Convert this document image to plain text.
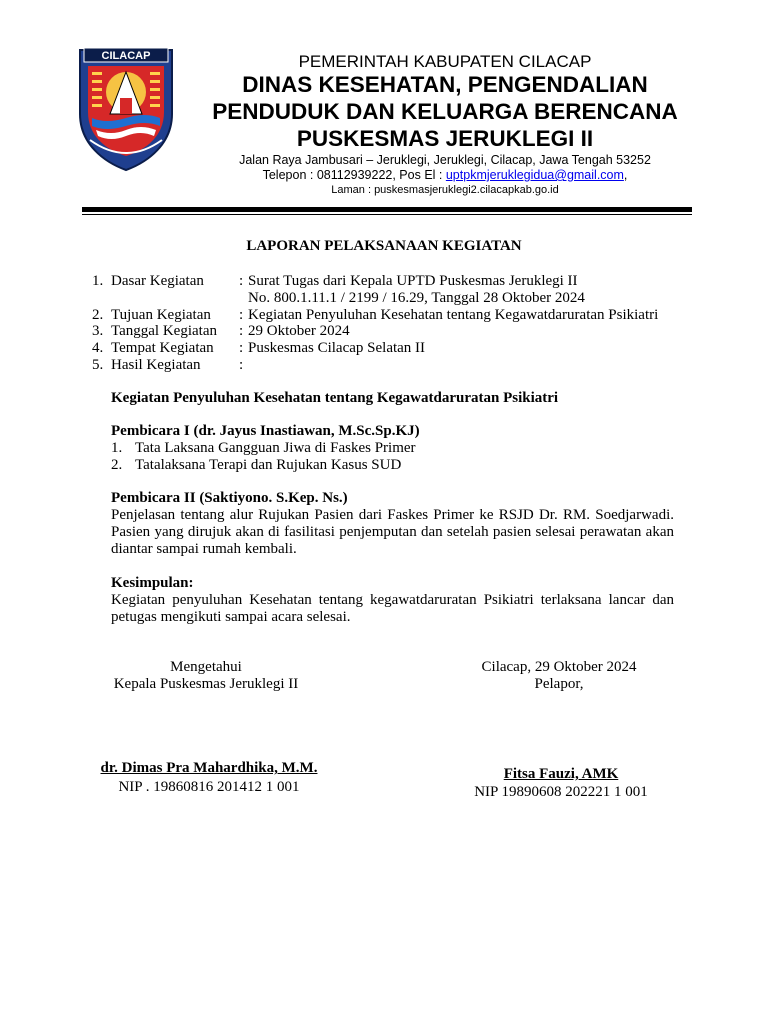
CILACAP	PEMERINTAH KABUPATEN CILACAP
DINAS KESEHATAN, PENGENDALIAN
PENDUDUK DAN KELUARGA BERENCANA
PUSKESMAS JERUKLEGI II
Jalan Raya Jambusari – Jeruklegi, Jeruklegi, Cilacap, Jawa Tengah 53252
Telepon : 08112939222, Pos El : uptpkmjeruklegidua@gmail.com,
Laman : puskesmasjeruklegi2.cilacapkab.go.id
LAPORAN PELAKSANAAN KEGIATAN
1. Dasar Kegiatan : Surat Tugas dari Kepala UPTD Puskesmas Jeruklegi II
No. 800.1.11.1 / 2199 / 16.29, Tanggal 28 Oktober 2024
2. Tujuan Kegiatan : Kegiatan Penyuluhan Kesehatan tentang Kegawatdaruratan Psikiatri
3. Tanggal Kegiatan : 29 Oktober 2024
4. Tempat Kegiatan : Puskesmas Cilacap Selatan II
5. Hasil Kegiatan	:
Kegiatan Penyuluhan Kesehatan tentang Kegawatdaruratan Psikiatri
Pembicara I (dr. Jayus Inastiawan, M.Sc.Sp.KJ)
1. Tata Laksana Gangguan Jiwa di Faskes Primer
2. Tatalaksana Terapi dan Rujukan Kasus SUD
Pembicara II (Saktiyono. S.Kep. Ns.)
Penjelasan tentang alur Rujukan Pasien dari Faskes Primer ke RSJD Dr. RM. Soedjarwadi. Pasien yang dirujuk akan di fasilitasi penjemputan dan setelah pasien selesai perawatan akan diantar sampai rumah kembali.
Kesimpulan:
Kegiatan penyuluhan Kesehatan tentang kegawatdaruratan Psikiatri terlaksana lancar dan petugas mengikuti sampai acara selesai.
Mengetahui
Kepala Puskesmas Jeruklegi II
Cilacap, 29 Oktober 2024
Pelapor,
dr. Dimas Pra Mahardhika, M.M.
NIP . 19860816 201412 1 001
Fitsa Fauzi, AMK
NIP 19890608 202221 1 001
